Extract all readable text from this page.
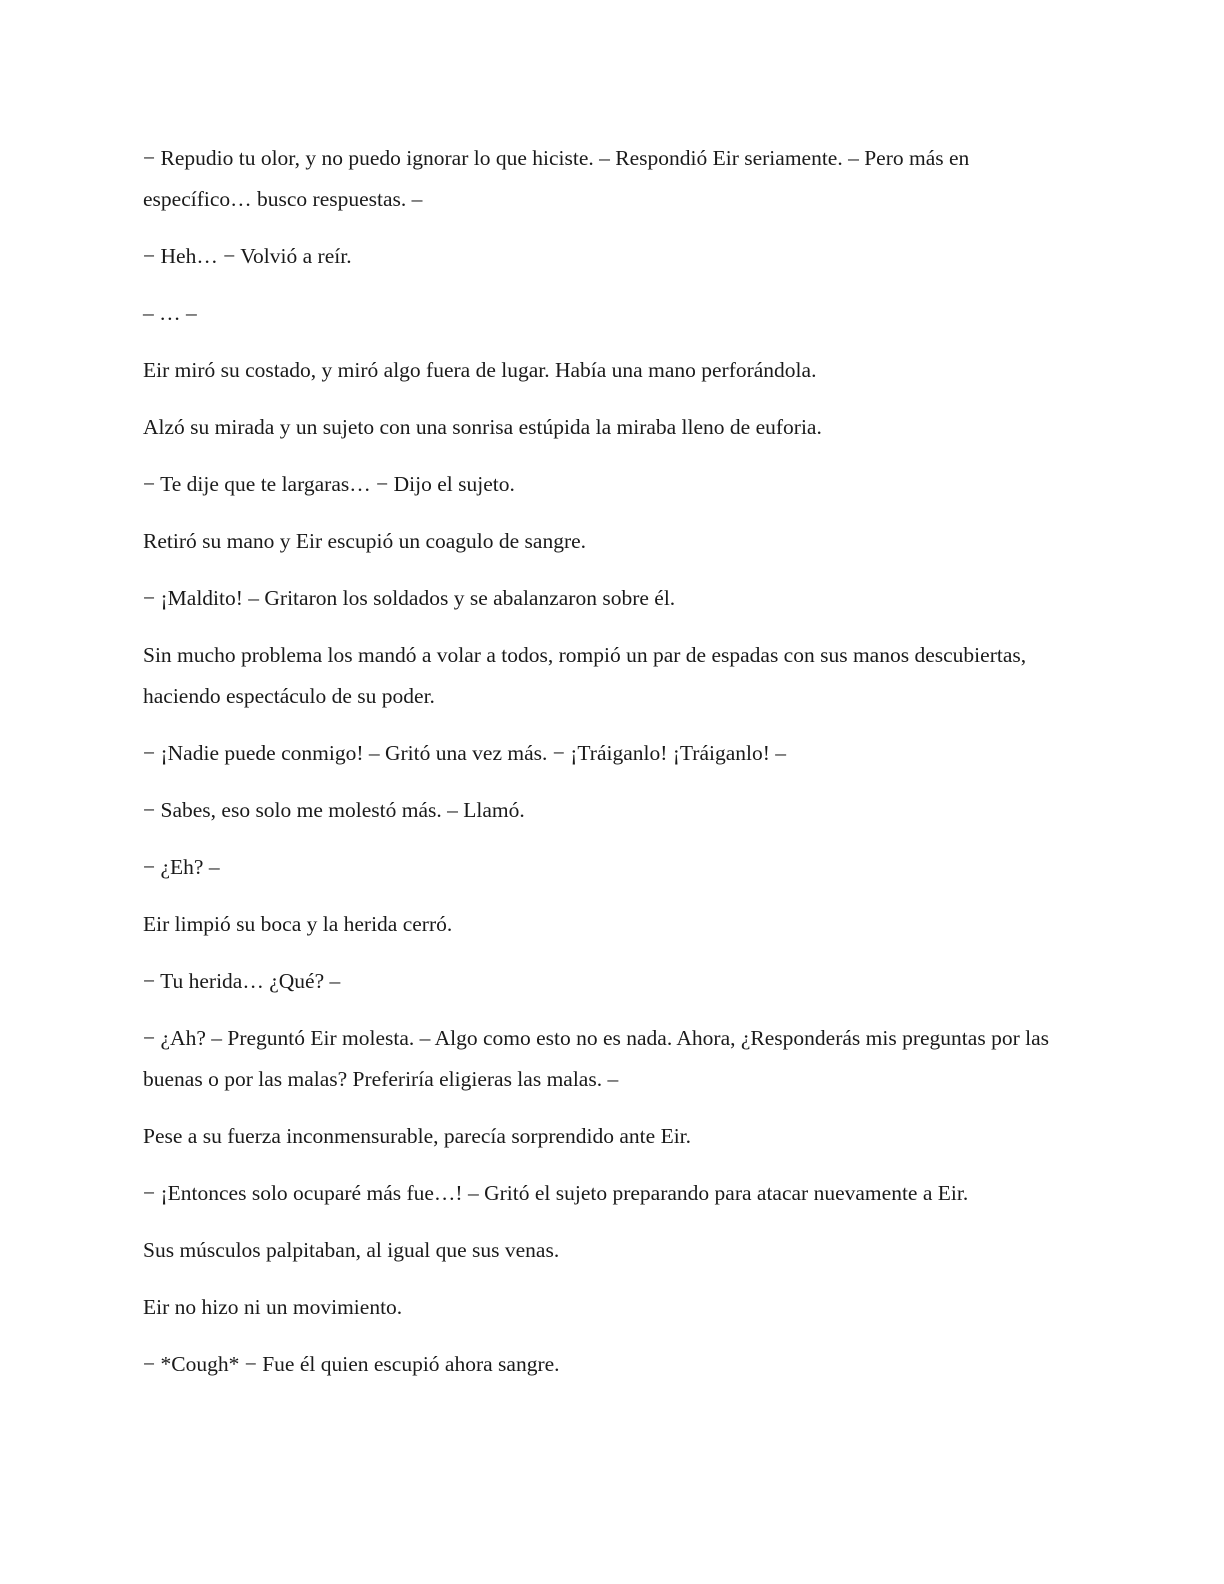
− Repudio tu olor, y no puedo ignorar lo que hiciste. – Respondió Eir seriamente. – Pero más en específico… busco respuestas. –

− Heh… − Volvió a reír.

– … –

Eir miró su costado, y miró algo fuera de lugar. Había una mano perforándola.

Alzó su mirada y un sujeto con una sonrisa estúpida la miraba lleno de euforia.

− Te dije que te largaras… − Dijo el sujeto.

Retiró su mano y Eir escupió un coagulo de sangre.

− ¡Maldito! – Gritaron los soldados y se abalanzaron sobre él.

Sin mucho problema los mandó a volar a todos, rompió un par de espadas con sus manos descubiertas, haciendo espectáculo de su poder.

− ¡Nadie puede conmigo! – Gritó una vez más. − ¡Tráiganlo! ¡Tráiganlo! –

− Sabes, eso solo me molestó más. – Llamó.

− ¿Eh? –

Eir limpió su boca y la herida cerró.

− Tu herida… ¿Qué? –

− ¿Ah? – Preguntó Eir molesta. – Algo como esto no es nada. Ahora, ¿Responderás mis preguntas por las buenas o por las malas? Preferiría eligieras las malas. –

Pese a su fuerza inconmensurable, parecía sorprendido ante Eir.

− ¡Entonces solo ocuparé más fue…! – Gritó el sujeto preparando para atacar nuevamente a Eir.

Sus músculos palpitaban, al igual que sus venas.

Eir no hizo ni un movimiento.

− *Cough* − Fue él quien escupió ahora sangre.
